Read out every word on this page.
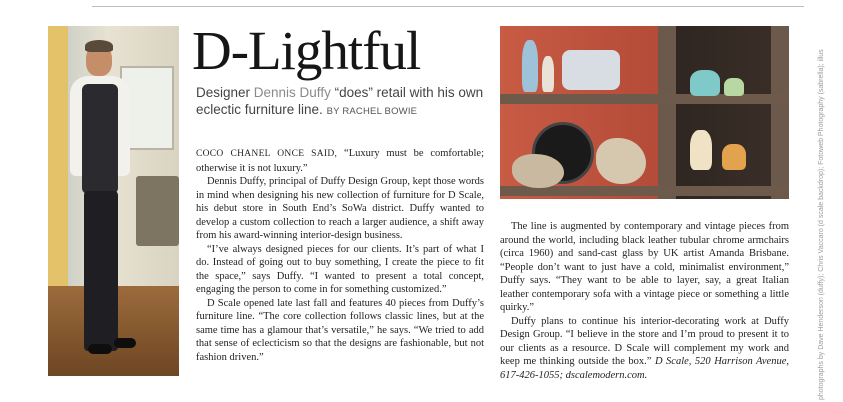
D-Lightful

Designer Dennis Duffy “does” retail with his own eclectic furniture line. BY RACHEL BOWIE

COCO CHANEL ONCE SAID, “Luxury must be comfortable; otherwise it is not luxury.”

Dennis Duffy, principal of Duffy Design Group, kept those words in mind when designing his new collection of furniture for D Scale, his debut store in South End’s SoWa district. Duffy wanted to develop a custom collection to reach a larger audience, a shift away from his award-winning interior-design business.

“I’ve always designed pieces for our clients. It’s part of what I do. Instead of going out to buy something, I create the piece to fit the space,” says Duffy. “I wanted to present a total concept, engaging the person to come in for something customized.”

D Scale opened late last fall and features 40 pieces from Duffy’s furniture line. “The core collection follows classic lines, but at the same time has a glamour that’s versatile,” he says. “We tried to add that sense of eclecticism so that the designs are fashionable, but not fashion driven.”

The line is augmented by contemporary and vintage pieces from around the world, including black leather tubular chrome armchairs (circa 1960) and sand-cast glass by UK artist Amanda Brisbane. “People don’t want to just have a cold, minimalist environment,” Duffy says. “They want to be able to layer, say, a great Italian leather contemporary sofa with a vintage piece or something a little quirky.”

Duffy plans to continue his interior-decorating work at Duffy Design Group. “I believe in the store and I’m proud to present it to our clients as a resource. D Scale will complement my work and keep me thinking outside the box.” D Scale, 520 Harrison Avenue, 617-426-1055; dscalemodern.com.	photographs by Dave Henderson (duffy); Chris Vaccaro (d scale backdrop); Fotoweb Photography (sabrella); illus
